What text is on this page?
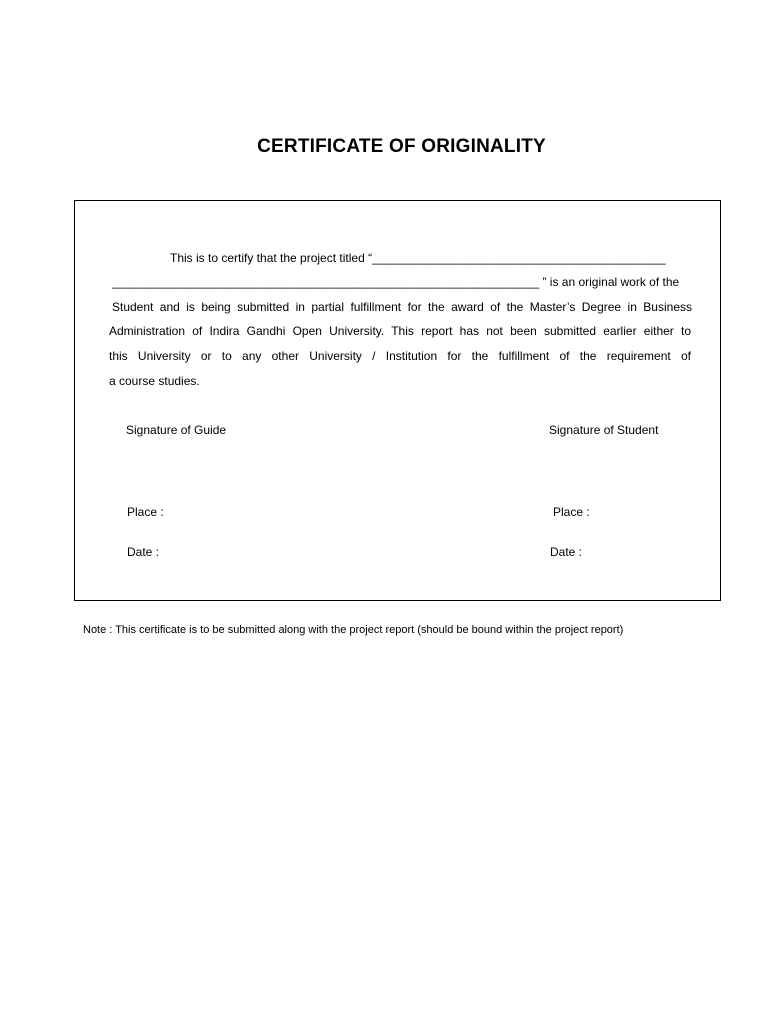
CERTIFICATE OF ORIGINALITY
This is to certify that the project titled “____________________________________________
________________________________________________________________ ” is an original work of the
Student and is being submitted in partial fulfillment for the award of the Master’s Degree in Business
Administration of Indira Gandhi Open University. This report has not been submitted earlier either to
this University or to any other University / Institution for the fulfillment of the requirement of
a course studies.
Signature of Guide	Signature of Student
Place :	Place :
Date :	Date :
Note : This certificate is to be submitted along with the project report (should be bound within the project report)
